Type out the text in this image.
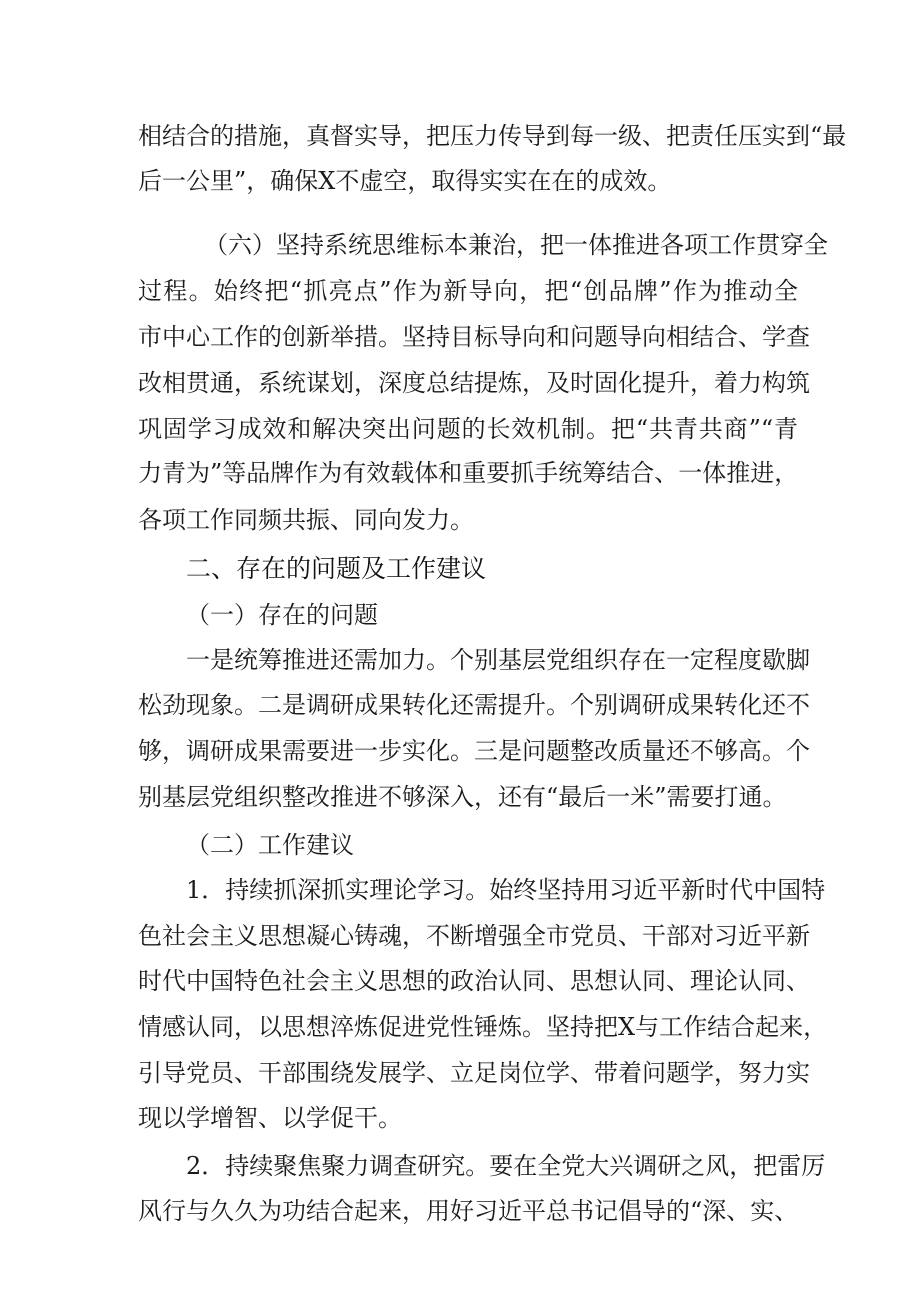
相结合的措施，真督实导，把压力传导到每一级、把责任压实到“最
后一公里”，确保X不虚空，取得实实在在的成效。
（六）坚持系统思维标本兼治，把一体推进各项工作贯穿全
过程。始终把“抓亮点”作为新导向，把“创品牌”作为推动全
市中心工作的创新举措。坚持目标导向和问题导向相结合、学查
改相贯通，系统谋划，深度总结提炼，及时固化提升，着力构筑
巩固学习成效和解决突出问题的长效机制。把“共青共商”“青
力青为”等品牌作为有效载体和重要抓手统筹结合、一体推进，
各项工作同频共振、同向发力。
二、存在的问题及工作建议
（一）存在的问题
一是统筹推进还需加力。个别基层党组织存在一定程度歇脚
松劲现象。二是调研成果转化还需提升。个别调研成果转化还不
够，调研成果需要进一步实化。三是问题整改质量还不够高。个
别基层党组织整改推进不够深入，还有“最后一米”需要打通。
（二）工作建议
1．持续抓深抓实理论学习。始终坚持用习近平新时代中国特
色社会主义思想凝心铸魂，不断增强全市党员、干部对习近平新
时代中国特色社会主义思想的政治认同、思想认同、理论认同、
情感认同，以思想淬炼促进党性锤炼。坚持把X与工作结合起来，
引导党员、干部围绕发展学、立足岗位学、带着问题学，努力实
现以学增智、以学促干。
2．持续聚焦聚力调查研究。要在全党大兴调研之风，把雷厉
风行与久久为功结合起来，用好习近平总书记倡导的“深、实、
